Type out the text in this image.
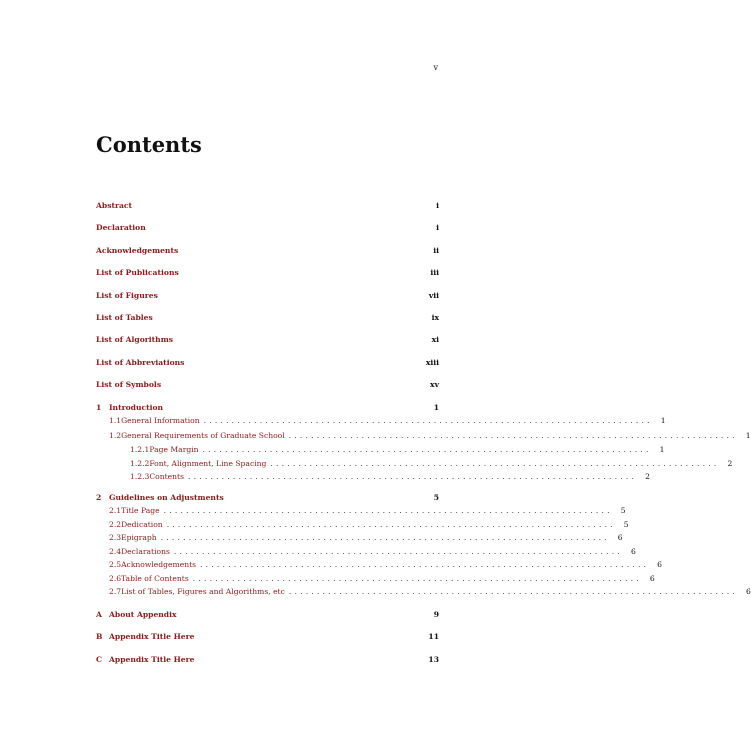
v
Contents
Abstract	i
Declaration	i
Acknowledgements	ii
List of Publications	iii
List of Figures	vii
List of Tables	ix
List of Algorithms	xi
List of Abbreviations	xiii
List of Symbols	xv
1	Introduction	1
1.1 General Information ................................................................................ 1
1.2 General Requirements of Graduate School ................................................................................ 1
1.2.1 Page Margin ................................................................................ 1
1.2.2 Font, Alignment, Line Spacing ................................................................................ 2
1.2.3 Contents ................................................................................ 2
2	Guidelines on Adjustments	5
2.1 Title Page ................................................................................ 5
2.2 Dedication ................................................................................ 5
2.3 Epigraph ................................................................................ 6
2.4 Declarations ................................................................................ 6
2.5 Acknowledgements ................................................................................ 6
2.6 Table of Contents ................................................................................ 6
2.7 List of Tables, Figures and Algorithms, etc ................................................................................ 6
A About Appendix	9
B Appendix Title Here	11
C Appendix Title Here	13
